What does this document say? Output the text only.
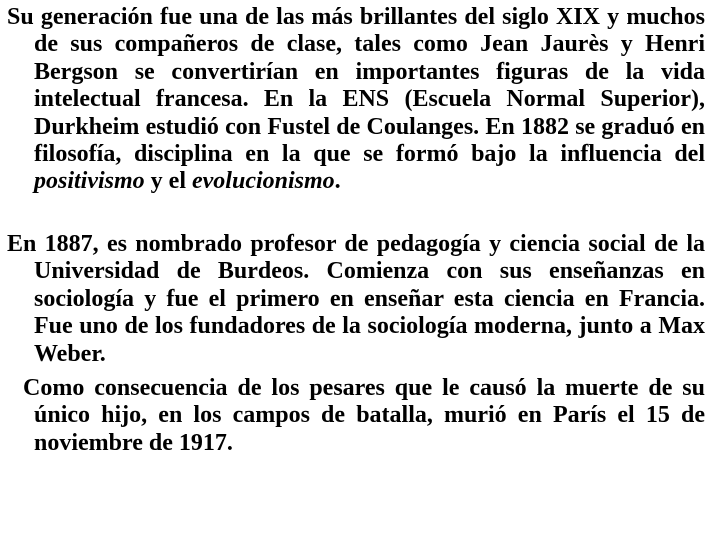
Su generación fue una de las más brillantes del siglo XIX y muchos de sus compañeros de clase, tales como Jean Jaurès y Henri Bergson se convertirían en importantes figuras de la vida intelectual francesa. En la ENS (Escuela Normal Superior), Durkheim estudió con Fustel de Coulanges. En 1882 se graduó en filosofía, disciplina en la que se formó bajo la influencia del positivismo y el evolucionismo.

En 1887, es nombrado profesor de pedagogía y ciencia social de la Universidad de Burdeos. Comienza con sus enseñanzas en sociología y fue el primero en enseñar esta ciencia en Francia. Fue uno de los fundadores de la sociología moderna, junto a Max Weber.

Como consecuencia de los pesares que le causó la muerte de su único hijo, en los campos de batalla, murió en París el 15 de noviembre de 1917.
